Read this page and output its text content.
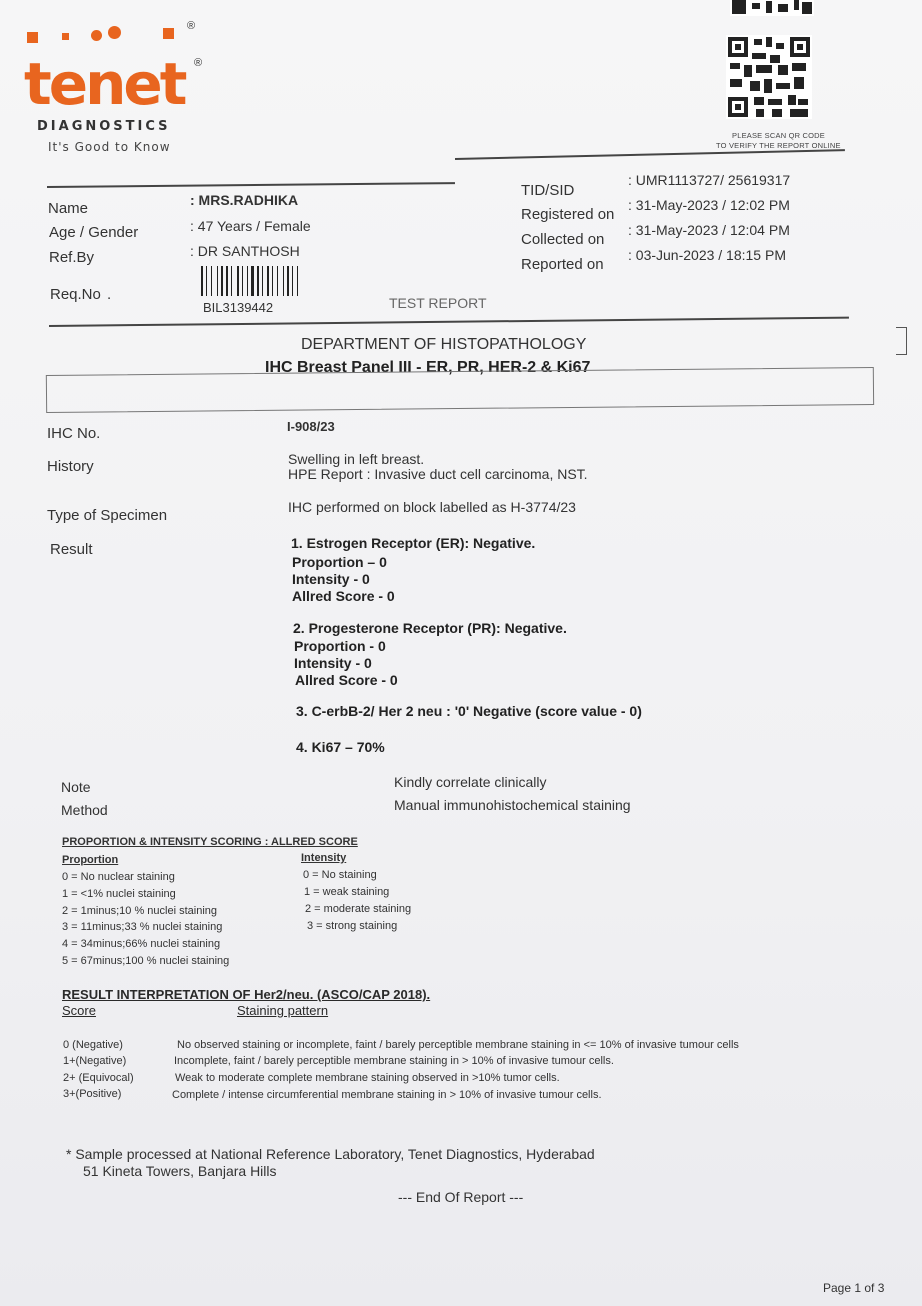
®
tenet ®
DIAGNOSTICS
It's Good to Know
PLEASE SCAN QR CODE
TO VERIFY THE REPORT ONLINE
Name	: MRS.RADHIKA
Age / Gender	: 47 Years / Female
Ref.By	: DR SANTHOSH
Req.No .
BIL3139442	TEST REPORT
TID/SID
: UMR1113727/ 25619317
Registered on
: 31-May-2023 / 12:02 PM
Collected on
: 31-May-2023 / 12:04 PM
Reported on
: 03-Jun-2023 / 18:15 PM
DEPARTMENT OF HISTOPATHOLOGY
IHC Breast Panel III - ER, PR, HER-2 & Ki67
IHC No.	I-908/23
History	Swelling in left breast.
HPE Report : Invasive duct cell carcinoma, NST.
Type of Specimen	IHC performed on block labelled as H-3774/23
Result	1. Estrogen Receptor (ER): Negative.
Proportion – 0
Intensity - 0
Allred Score - 0
2. Progesterone Receptor (PR): Negative.
Proportion - 0
Intensity - 0
Allred Score - 0
3. C-erbB-2/ Her 2 neu : '0' Negative (score value - 0)
4. Ki67 – 70%
Note	Kindly correlate clinically
Method	Manual immunohistochemical staining
PROPORTION & INTENSITY SCORING : ALLRED SCORE
Proportion	Intensity
0 = No nuclear staining
1 = <1% nuclei staining
2 = 1minus;10 % nuclei staining
3 = 11minus;33 % nuclei staining
4 = 34minus;66% nuclei staining
5 = 67minus;100 % nuclei staining
0 = No staining
1 = weak staining
2 = moderate staining
3 = strong staining
RESULT INTERPRETATION OF Her2/neu. (ASCO/CAP 2018).
Score	Staining pattern
0 (Negative)	No observed staining or incomplete, faint / barely perceptible membrane staining in <= 10% of invasive tumour cells
1+(Negative)	Incomplete, faint / barely perceptible membrane staining in > 10% of invasive tumour cells.
2+ (Equivocal)	Weak to moderate complete membrane staining observed in >10% tumor cells.
3+(Positive)	Complete / intense circumferential membrane staining in > 10% of invasive tumour cells.
* Sample processed at National Reference Laboratory, Tenet Diagnostics, Hyderabad
51 Kineta Towers, Banjara Hills
--- End Of Report ---
Page 1 of 3
